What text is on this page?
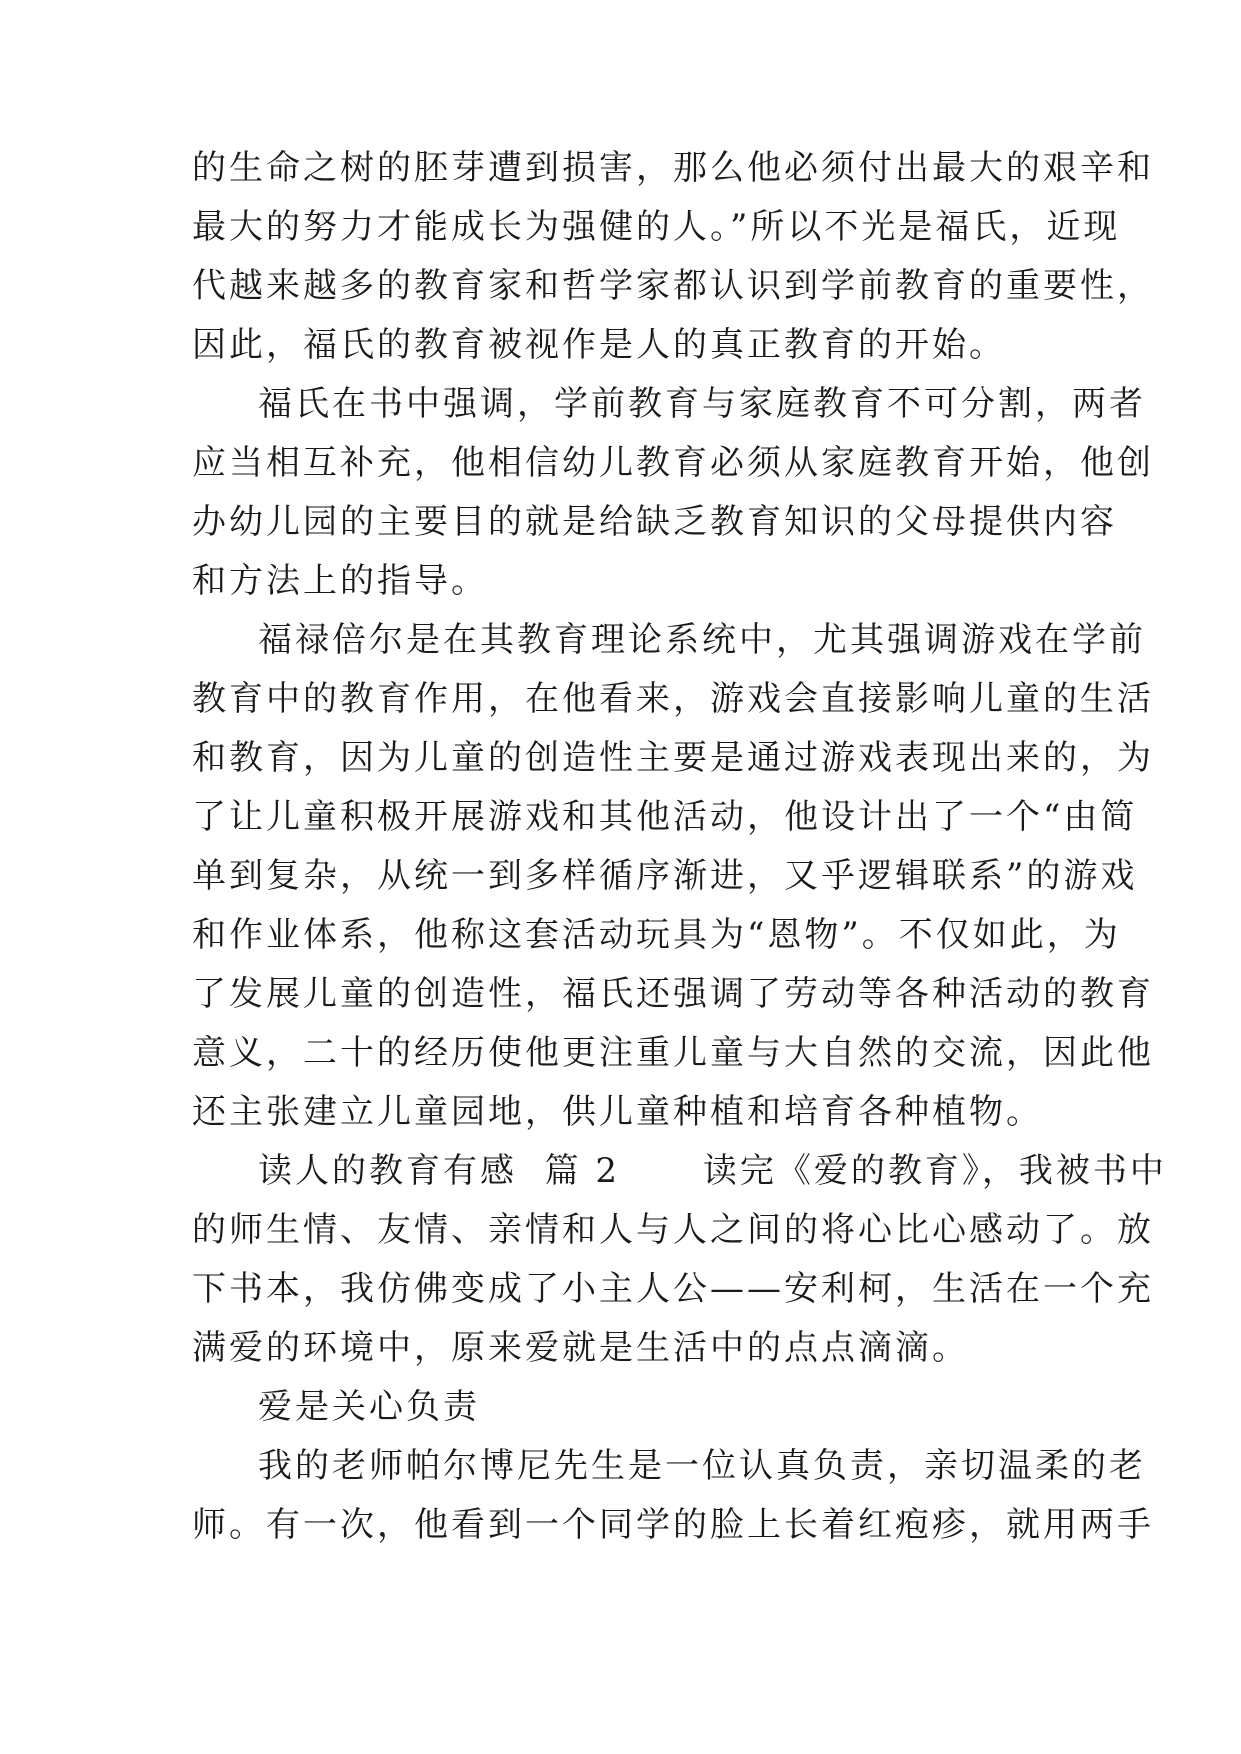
的生命之树的胚芽遭到损害，那么他必须付出最大的艰辛和
最大的努力才能成长为强健的人。”所以不光是福氏，近现
代越来越多的教育家和哲学家都认识到学前教育的重要性，
因此，福氏的教育被视作是人的真正教育的开始。
福氏在书中强调，学前教育与家庭教育不可分割，两者
应当相互补充，他相信幼儿教育必须从家庭教育开始，他创
办幼儿园的主要目的就是给缺乏教育知识的父母提供内容
和方法上的指导。
福禄倍尔是在其教育理论系统中，尤其强调游戏在学前
教育中的教育作用，在他看来，游戏会直接影响儿童的生活
和教育，因为儿童的创造性主要是通过游戏表现出来的，为
了让儿童积极开展游戏和其他活动，他设计出了一个“由简
单到复杂，从统一到多样循序渐进，又乎逻辑联系”的游戏
和作业体系，他称这套活动玩具为“恩物”。不仅如此，为
了发展儿童的创造性，福氏还强调了劳动等各种活动的教育
意义，二十的经历使他更注重儿童与大自然的交流，因此他
还主张建立儿童园地，供儿童种植和培育各种植物。
读人的教育有感  篇 2      读完《爱的教育》，我被书中
的师生情、友情、亲情和人与人之间的将心比心感动了。放
下书本，我仿佛变成了小主人公——安利柯，生活在一个充
满爱的环境中，原来爱就是生活中的点点滴滴。
爱是关心负责
我的老师帕尔博尼先生是一位认真负责，亲切温柔的老
师。有一次，他看到一个同学的脸上长着红疱疹，就用两手
